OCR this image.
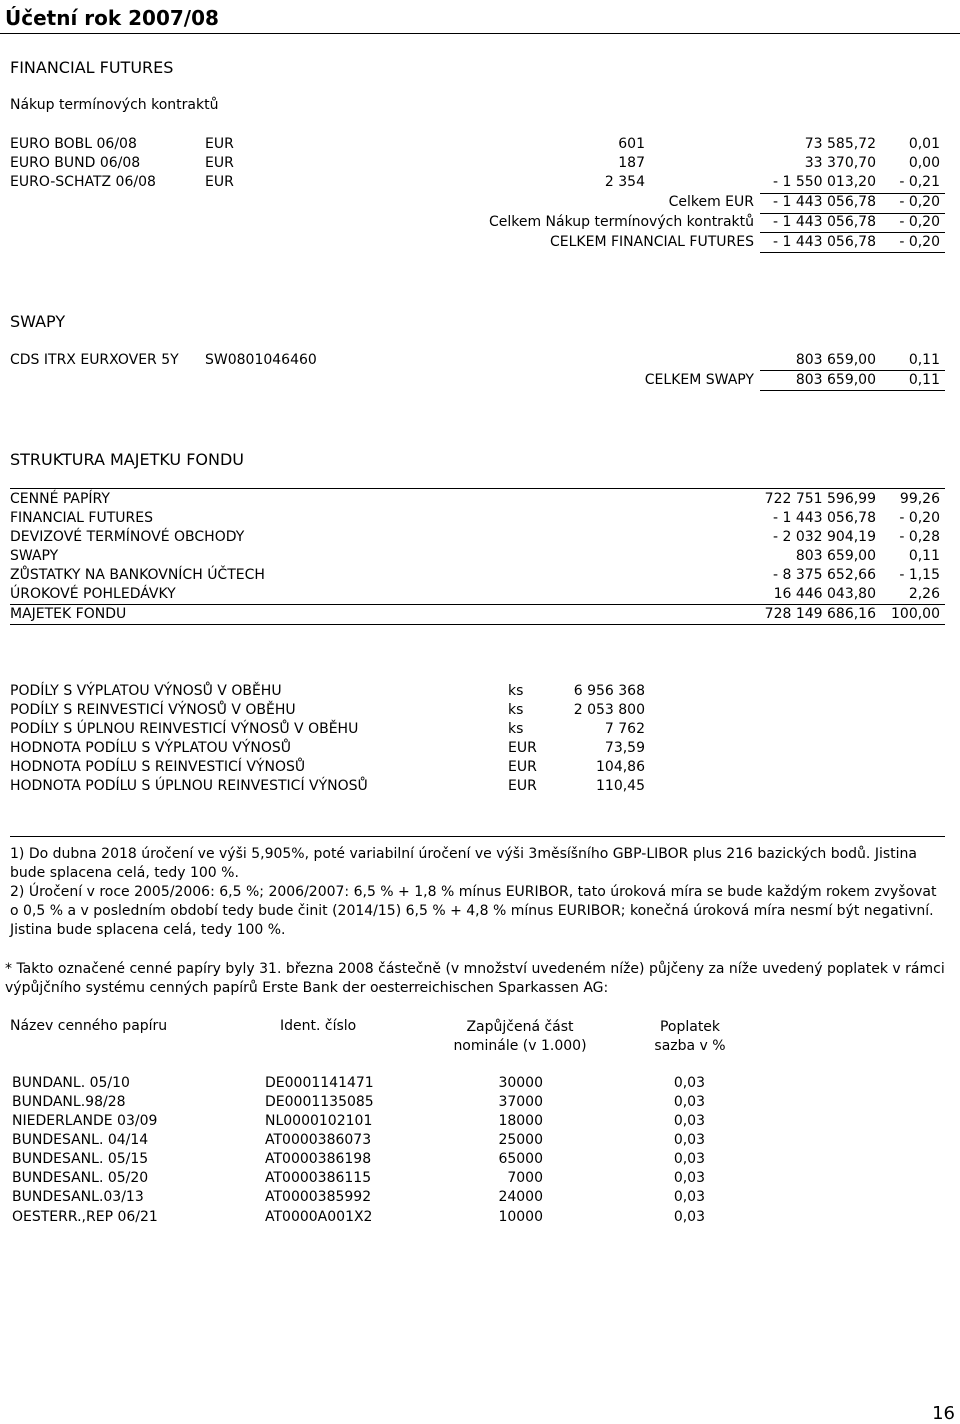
Účetní rok 2007/08
FINANCIAL FUTURES
Nákup termínových kontraktů
EURO BOBL 06/08	EUR	601	73 585,72 0,01
EURO BUND 06/08	EUR	187	33 370,70 0,00
EURO-SCHATZ 06/08	EUR	2 354	- 1 550 013,20 - 0,21
Celkem EUR - 1 443 056,78 - 0,20
Celkem Nákup termínových kontraktů - 1 443 056,78 - 0,20
CELKEM FINANCIAL FUTURES - 1 443 056,78 - 0,20
SWAPY
CDS ITRX EURXOVER 5Y SW0801046460	803 659,00 0,11
CELKEM SWAPY	803 659,00 0,11
STRUKTURA MAJETKU FONDU
CENNÉ PAPÍRY	722 751 596,99 99,26
FINANCIAL FUTURES	- 1 443 056,78 - 0,20
DEVIZOVÉ TERMÍNOVÉ OBCHODY	- 2 032 904,19 - 0,28
SWAPY	803 659,00 0,11
ZŮSTATKY NA BANKOVNÍCH ÚČTECH	- 8 375 652,66 - 1,15
ÚROKOVÉ POHLEDÁVKY	16 446 043,80 2,26
MAJETEK FONDU	728 149 686,16 100,00
PODÍLY S VÝPLATOU VÝNOSŮ V OBĚHU	ks	6 956 368
PODÍLY S REINVESTICÍ VÝNOSŮ V OBĚHU	ks	2 053 800
PODÍLY S ÚPLNOU REINVESTICÍ VÝNOSŮ V OBĚHU	ks	7 762
HODNOTA PODÍLU S VÝPLATOU VÝNOSŮ	EUR	73,59
HODNOTA PODÍLU S REINVESTICÍ VÝNOSŮ	EUR	104,86
HODNOTA PODÍLU S ÚPLNOU REINVESTICÍ VÝNOSŮ	EUR	110,45
1) Do dubna 2018 úročení ve výši 5,905%, poté variabilní úročení ve výši 3měsíšního GBP-LIBOR plus 216 bazických bodů. Jistina bude splacena celá, tedy 100 %.
2) Úročení v roce 2005/2006: 6,5 %; 2006/2007: 6,5 % + 1,8 % mínus EURIBOR, tato úroková míra se bude každým rokem zvyšovat o 0,5 % a v posledním období tedy bude činit (2014/15) 6,5 % + 4,8 % mínus EURIBOR; konečná úroková míra nesmí být negativní. Jistina bude splacena celá, tedy 100 %.
* Takto označené cenné papíry byly 31. března 2008 částečně (v množství uvedeném níže) půjčeny za níže uvedený poplatek v rámci výpůjčního systému cenných papírů Erste Bank der oesterreichischen Sparkassen AG:
Název cenného papíru	Ident. číslo	Zapůjčená část
nominále (v 1.000)
Poplatek
sazba v %
BUNDANL. 05/10	DE0001141471	30000	0,03
BUNDANL.98/28	DE0001135085	37000	0,03
NIEDERLANDE 03/09	NL0000102101	18000	0,03
BUNDESANL. 04/14	AT0000386073	25000	0,03
BUNDESANL. 05/15	AT0000386198	65000	0,03
BUNDESANL. 05/20	AT0000386115	7000	0,03
BUNDESANL.03/13	AT0000385992	24000	0,03
OESTERR.,REP 06/21	AT0000A001X2	10000	0,03
16
